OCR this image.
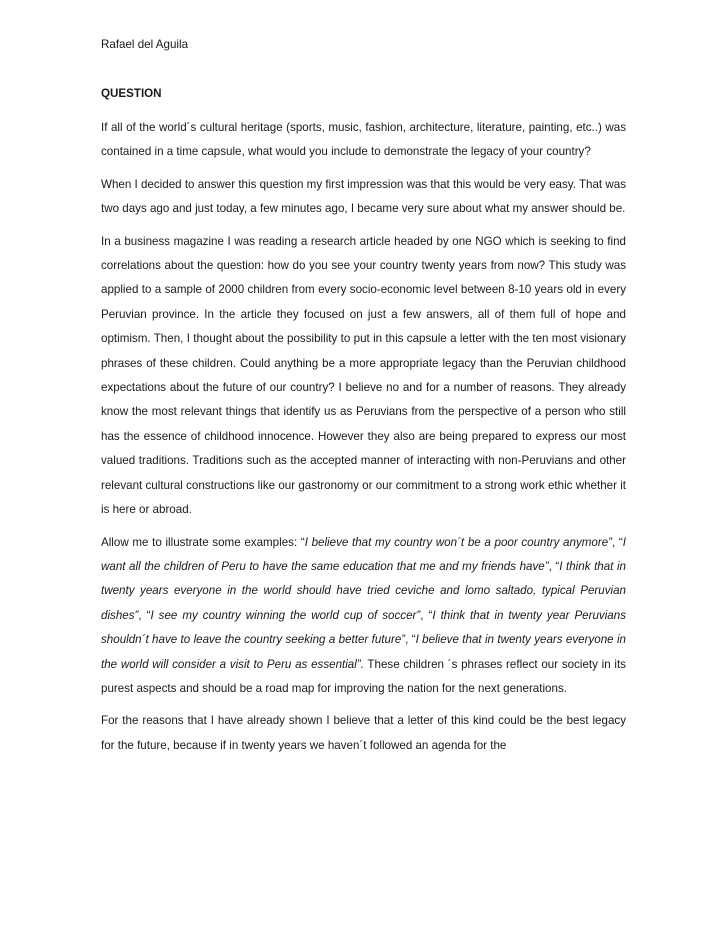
Rafael del Aguila

QUESTION

If all of the world´s cultural heritage (sports, music, fashion, architecture, literature, painting, etc..) was contained in a time capsule, what would you include to demonstrate the legacy of your country?

When I decided to answer this question my first impression was that this would be very easy. That was two days ago and just today, a few minutes ago, I became very sure about what my answer should be.

In a business magazine I was reading a research article headed by one NGO which is seeking to find correlations about the question: how do you see your country twenty years from now? This study was applied to a sample of 2000 children from every socio-economic level between 8-10 years old in every Peruvian province. In the article they focused on just a few answers, all of them full of hope and optimism. Then, I thought about the possibility to put in this capsule a letter with the ten most visionary phrases of these children. Could anything be a more appropriate legacy than the Peruvian childhood expectations about the future of our country? I believe no and for a number of reasons. They already know the most relevant things that identify us as Peruvians from the perspective of a person who still has the essence of childhood innocence. However they also are being prepared to express our most valued traditions. Traditions such as the accepted manner of interacting with non-Peruvians and other relevant cultural constructions like our gastronomy or our commitment to a strong work ethic whether it is here or abroad.

Allow me to illustrate some examples: “I believe that my country won´t be a poor country anymore”, “I want all the children of Peru to have the same education that me and my friends have”, “I think that in twenty years everyone in the world should have tried ceviche and lomo saltado, typical Peruvian dishes”, “I see my country winning the world cup of soccer”, “I think that in twenty year Peruvians shouldn´t have to leave the country seeking a better future”, “I believe that in twenty years everyone in the world will consider a visit to Peru as essential”. These children ´s phrases reflect our society in its purest aspects and should be a road map for improving the nation for the next generations.

For the reasons that I have already shown I believe that a letter of this kind could be the best legacy for the future, because if in twenty years we haven´t followed an agenda for the
